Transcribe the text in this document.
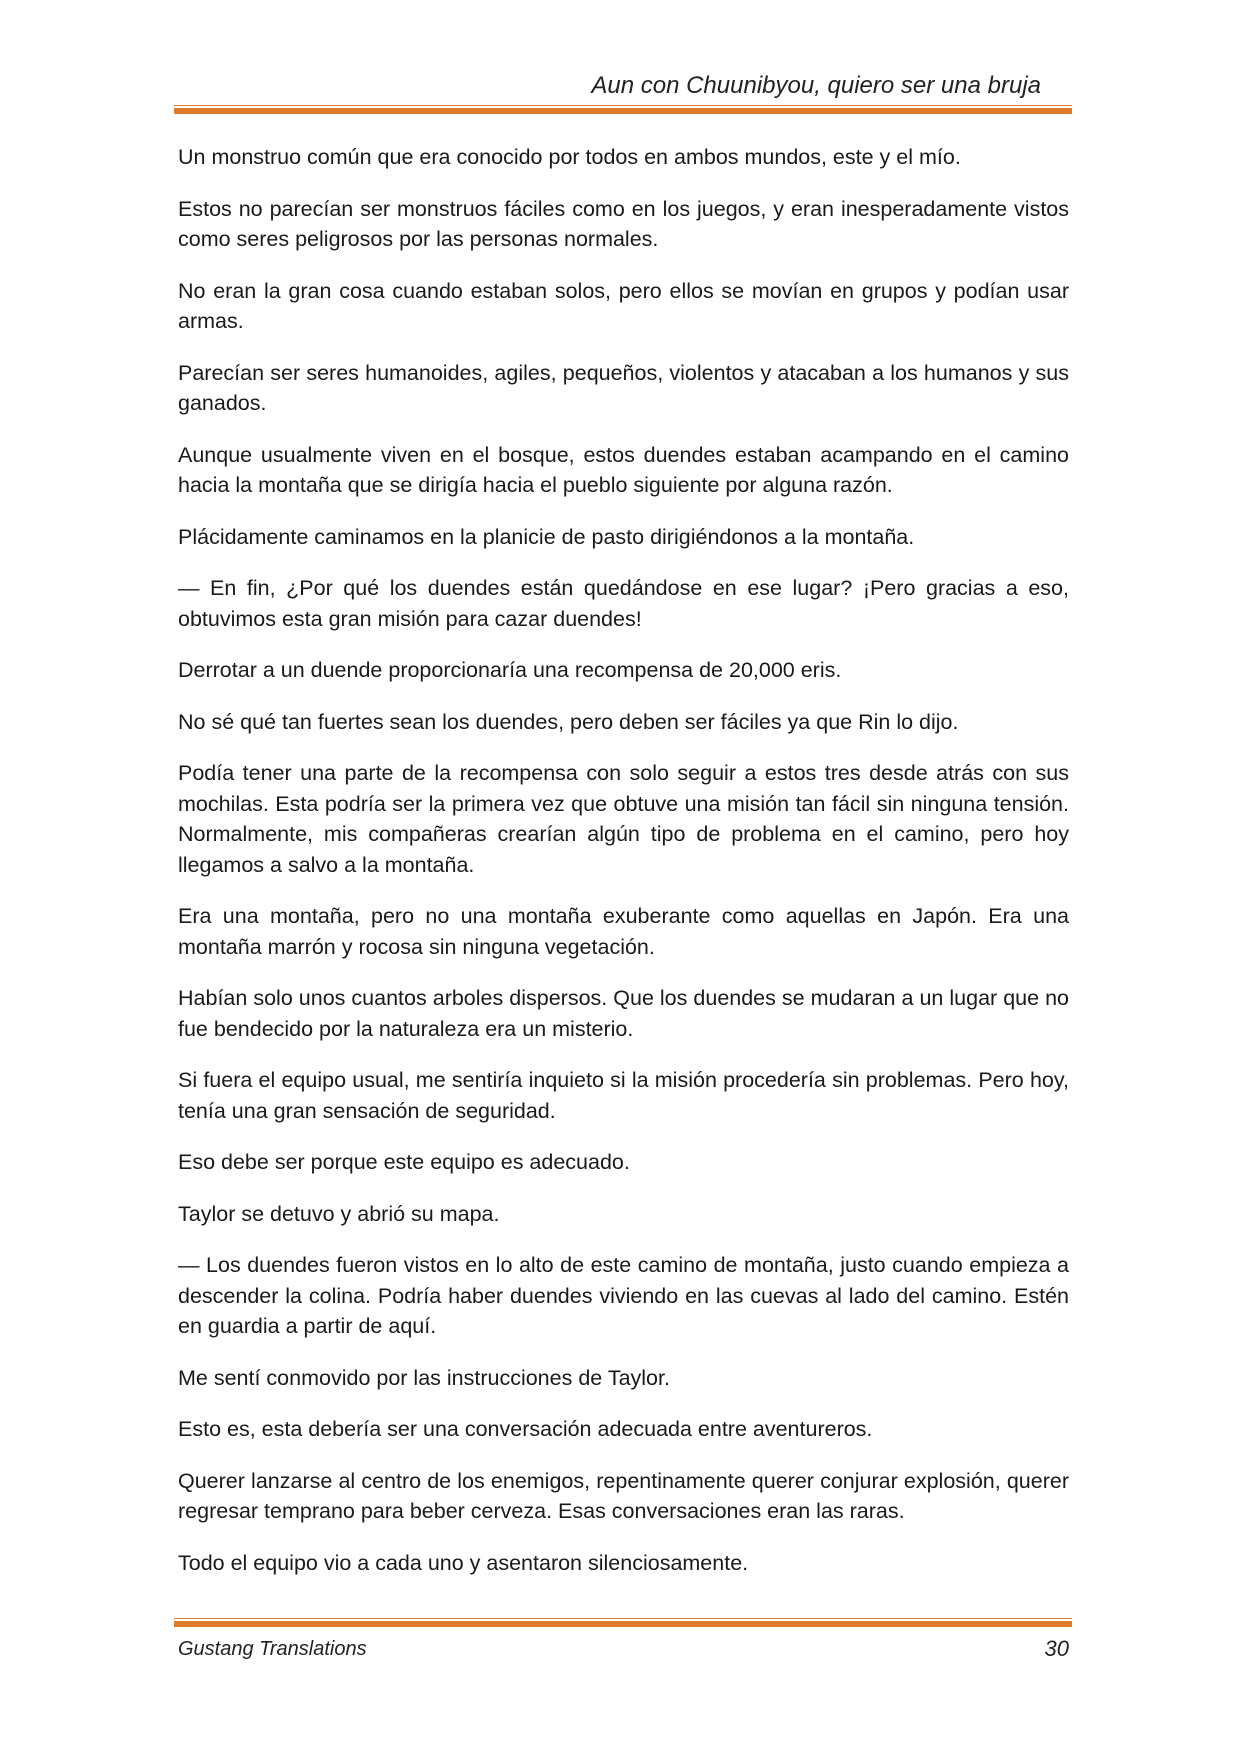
Aun con Chuunibyou, quiero ser una bruja

Un monstruo común que era conocido por todos en ambos mundos, este y el mío.

Estos no parecían ser monstruos fáciles como en los juegos, y eran inesperadamente vistos como seres peligrosos por las personas normales.

No eran la gran cosa cuando estaban solos, pero ellos se movían en grupos y podían usar armas.

Parecían ser seres humanoides, agiles, pequeños, violentos y atacaban a los humanos y sus ganados.

Aunque usualmente viven en el bosque, estos duendes estaban acampando en el camino hacia la montaña que se dirigía hacia el pueblo siguiente por alguna razón.

Plácidamente caminamos en la planicie de pasto dirigiéndonos a la montaña.

— En fin, ¿Por qué los duendes están quedándose en ese lugar? ¡Pero gracias a eso, obtuvimos esta gran misión para cazar duendes!

Derrotar a un duende proporcionaría una recompensa de 20,000 eris.

No sé qué tan fuertes sean los duendes, pero deben ser fáciles ya que Rin lo dijo.

Podía tener una parte de la recompensa con solo seguir a estos tres desde atrás con sus mochilas. Esta podría ser la primera vez que obtuve una misión tan fácil sin ninguna tensión. Normalmente, mis compañeras crearían algún tipo de problema en el camino, pero hoy llegamos a salvo a la montaña.

Era una montaña, pero no una montaña exuberante como aquellas en Japón. Era una montaña marrón y rocosa sin ninguna vegetación.

Habían solo unos cuantos arboles dispersos. Que los duendes se mudaran a un lugar que no fue bendecido por la naturaleza era un misterio.

Si fuera el equipo usual, me sentiría inquieto si la misión procedería sin problemas. Pero hoy, tenía una gran sensación de seguridad.

Eso debe ser porque este equipo es adecuado.

Taylor se detuvo y abrió su mapa.

— Los duendes fueron vistos en lo alto de este camino de montaña, justo cuando empieza a descender la colina. Podría haber duendes viviendo en las cuevas al lado del camino. Estén en guardia a partir de aquí.

Me sentí conmovido por las instrucciones de Taylor.

Esto es, esta debería ser una conversación adecuada entre aventureros.

Querer lanzarse al centro de los enemigos, repentinamente querer conjurar explosión, querer regresar temprano para beber cerveza. Esas conversaciones eran las raras.

Todo el equipo vio a cada uno y asentaron silenciosamente.

Gustang Translations	30
